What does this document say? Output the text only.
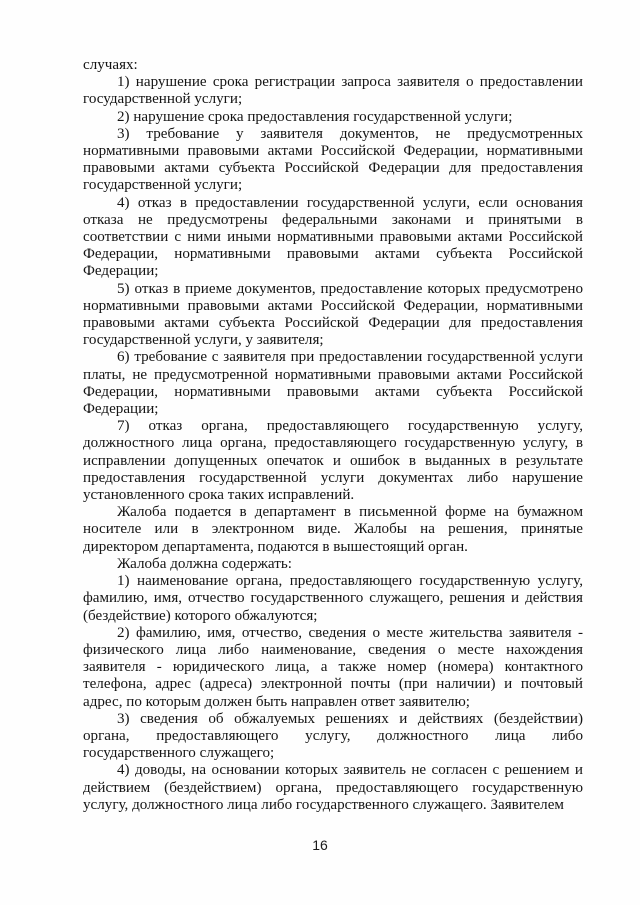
случаях:

1) нарушение срока регистрации запроса заявителя о предоставлении государственной услуги;

2) нарушение срока предоставления государственной услуги;

3) требование у заявителя документов, не предусмотренных нормативными правовыми актами Российской Федерации, нормативными правовыми актами субъекта Российской Федерации для предоставления государственной услуги;

4) отказ в предоставлении государственной услуги, если основания отказа не предусмотрены федеральными законами и принятыми в соответствии с ними иными нормативными правовыми актами Российской Федерации, нормативными правовыми актами субъекта Российской Федерации;

5) отказ в приеме документов, предоставление которых предусмотрено нормативными правовыми актами Российской Федерации, нормативными правовыми актами субъекта Российской Федерации для предоставления государственной услуги, у заявителя;

6) требование с заявителя при предоставлении государственной услуги платы, не предусмотренной нормативными правовыми актами Российской Федерации, нормативными правовыми актами субъекта Российской Федерации;

7) отказ органа, предоставляющего государственную услугу, должностного лица органа, предоставляющего государственную услугу, в исправлении допущенных опечаток и ошибок в выданных в результате предоставления государственной услуги документах либо нарушение установленного срока таких исправлений.

Жалоба подается в департамент в письменной форме на бумажном носителе или в электронном виде. Жалобы на решения, принятые директором департамента, подаются в вышестоящий орган.

Жалоба должна содержать:

1) наименование органа, предоставляющего государственную услугу, фамилию, имя, отчество государственного служащего, решения и действия (бездействие) которого обжалуются;

2) фамилию, имя, отчество, сведения о месте жительства заявителя - физического лица либо наименование, сведения о месте нахождения заявителя - юридического лица, а также номер (номера) контактного телефона, адрес (адреса) электронной почты (при наличии) и почтовый адрес, по которым должен быть направлен ответ заявителю;

3) сведения об обжалуемых решениях и действиях (бездействии) органа, предоставляющего услугу, должностного лица либо государственного служащего;

4) доводы, на основании которых заявитель не согласен с решением и действием (бездействием) органа, предоставляющего государственную услугу, должностного лица либо государственного служащего. Заявителем

16
